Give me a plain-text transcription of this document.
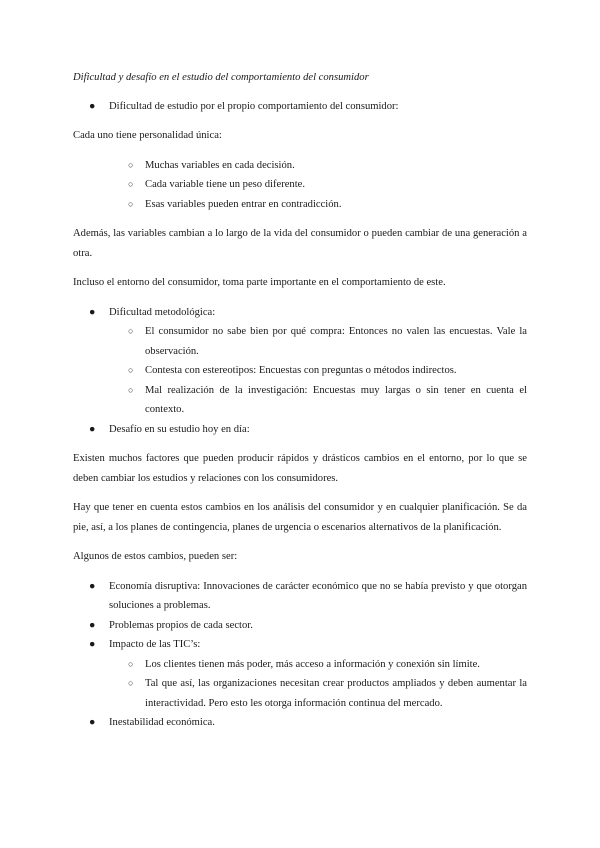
Dificultad y desafío en el estudio del comportamiento del consumidor

● Dificultad de estudio por el propio comportamiento del consumidor:

Cada uno tiene personalidad única:

○ Muchas variables en cada decisión.
○ Cada variable tiene un peso diferente.
○ Esas variables pueden entrar en contradicción.

Además, las variables cambian a lo largo de la vida del consumidor o pueden cambiar de una generación a otra.

Incluso el entorno del consumidor, toma parte importante en el comportamiento de este.

● Dificultad metodológica:
○ El consumidor no sabe bien por qué compra: Entonces no valen las encuestas. Vale la observación.
○ Contesta con estereotipos: Encuestas con preguntas o métodos indirectos.
○ Mal realización de la investigación: Encuestas muy largas o sin tener en cuenta el contexto.
● Desafío en su estudio hoy en día:

Existen muchos factores que pueden producir rápidos y drásticos cambios en el entorno, por lo que se deben cambiar los estudios y relaciones con los consumidores.

Hay que tener en cuenta estos cambios en los análisis del consumidor y en cualquier planificación. Se da pie, así, a los planes de contingencia, planes de urgencia o escenarios alternativos de la planificación.

Algunos de estos cambios, pueden ser:

● Economía disruptiva: Innovaciones de carácter económico que no se había previsto y que otorgan soluciones a problemas.
● Problemas propios de cada sector.
● Impacto de las TIC’s:
○ Los clientes tienen más poder, más acceso a información y conexión sin límite.
○ Tal que así, las organizaciones necesitan crear productos ampliados y deben aumentar la interactividad. Pero esto les otorga información continua del mercado.
● Inestabilidad económica.
